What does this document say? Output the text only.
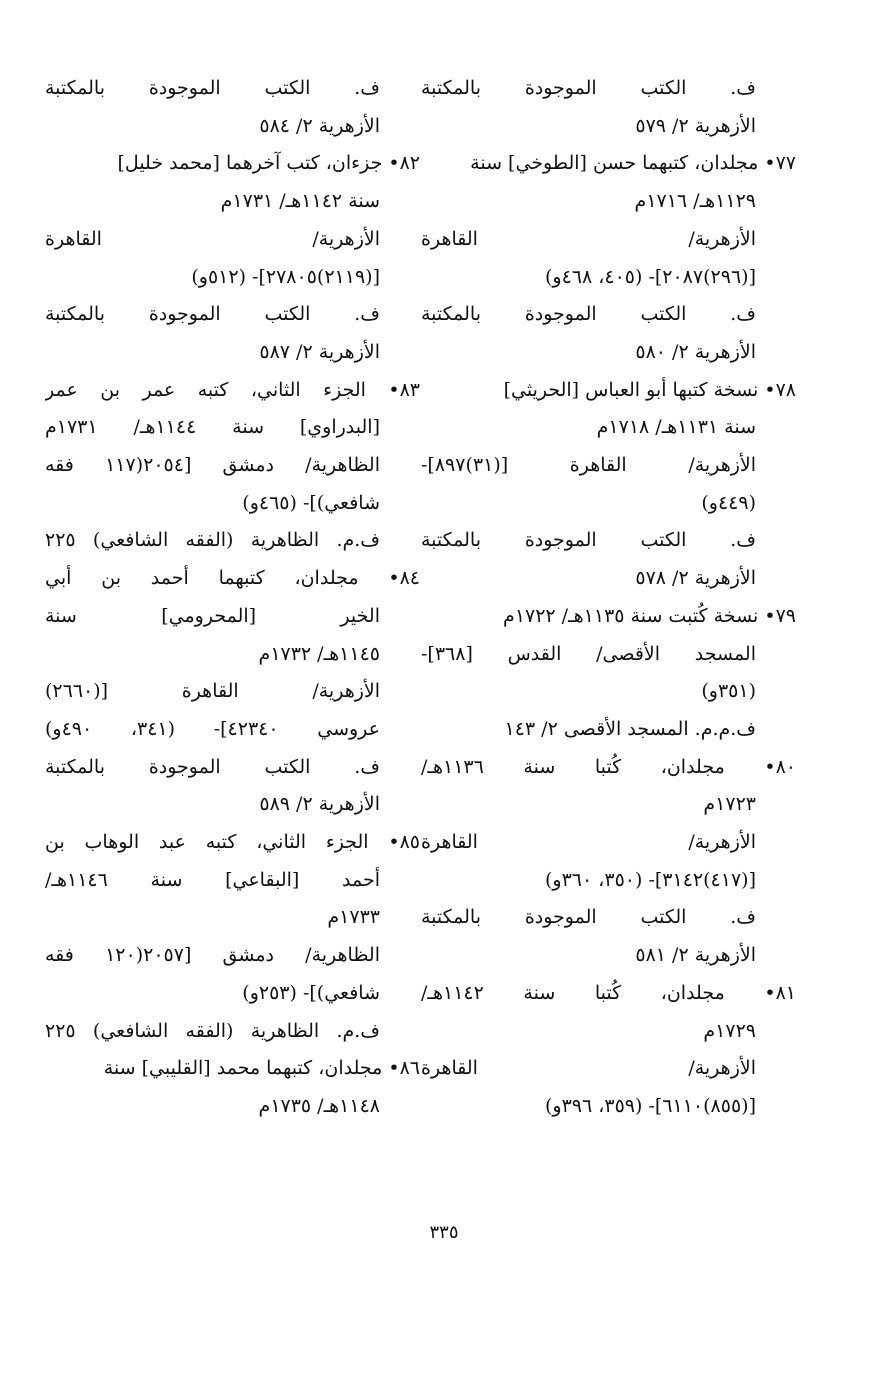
ف. الكتب الموجودة بالمكتبة
الأزهرية ٢/ ٥٧٩
٧٧• مجلدان، كتبهما حسن [الطوخي] سنة
١١٢٩هـ/ ١٧١٦م
الأزهرية/ القاهرة
[(٢٩٦)٢٠٨٧]- (٤٠٥، ٤٦٨و)
ف. الكتب الموجودة بالمكتبة
الأزهرية ٢/ ٥٨٠
٧٨• نسخة كتبها أبو العباس [الحريثي]
سنة ١١٣١هـ/ ١٧١٨م
الأزهرية/ القاهرة [(٣١)٨٩٧]-
(٤٤٩و)
ف. الكتب الموجودة بالمكتبة
الأزهرية ٢/ ٥٧٨
٧٩• نسخة كُتبت سنة ١١٣٥هـ/ ١٧٢٢م
المسجد الأقصى/ القدس [٣٦٨]-
(٣٥١و)
ف.م.م. المسجد الأقصى ٢/ ١٤٣
٨٠• مجلدان، كُتبا سنة ١١٣٦هـ/
١٧٢٣م
الأزهرية/ القاهرة
[(٤١٧)٣١٤٢]- (٣٥٠، ٣٦٠و)
ف. الكتب الموجودة بالمكتبة
الأزهرية ٢/ ٥٨١
٨١• مجلدان، كُتبا سنة ١١٤٢هـ/
١٧٢٩م
الأزهرية/ القاهرة
[(٨٥٥)٦١١٠]- (٣٥٩، ٣٩٦و)
ف. الكتب الموجودة بالمكتبة
الأزهرية ٢/ ٥٨٤
٨٢• جزءان، كتب آخرهما [محمد خليل]
سنة ١١٤٢هـ/ ١٧٣١م
الأزهرية/ القاهرة
[(٢١١٩)٢٧٨٠٥]- (٥١٢و)
ف. الكتب الموجودة بالمكتبة
الأزهرية ٢/ ٥٨٧
٨٣• الجزء الثاني، كتبه عمر بن عمر
[البدراوي] سنة ١١٤٤هـ/ ١٧٣١م
الظاهرية/ دمشق [٢٠٥٤(١١٧ فقه
شافعي)]- (٤٦٥و)
ف.م. الظاهرية (الفقه الشافعي) ٢٢٥
٨٤• مجلدان، كتبهما أحمد بن أبي
الخير [المحرومي] سنة
١١٤٥هـ/ ١٧٣٢م
الأزهرية/ القاهرة [(٢٦٦٠)
عروسي ٤٢٣٤٠]- (٣٤١، ٤٩٠و)
ف. الكتب الموجودة بالمكتبة
الأزهرية ٢/ ٥٨٩
٨٥• الجزء الثاني، كتبه عبد الوهاب بن
أحمد [البقاعي] سنة ١١٤٦هـ/
١٧٣٣م
الظاهرية/ دمشق [٢٠٥٧(١٢٠ فقه
شافعي)]- (٢٥٣و)
ف.م. الظاهرية (الفقه الشافعي) ٢٢٥
٨٦• مجلدان، كتبهما محمد [القليبي] سنة
١١٤٨هـ/ ١٧٣٥م
٣٣٥
